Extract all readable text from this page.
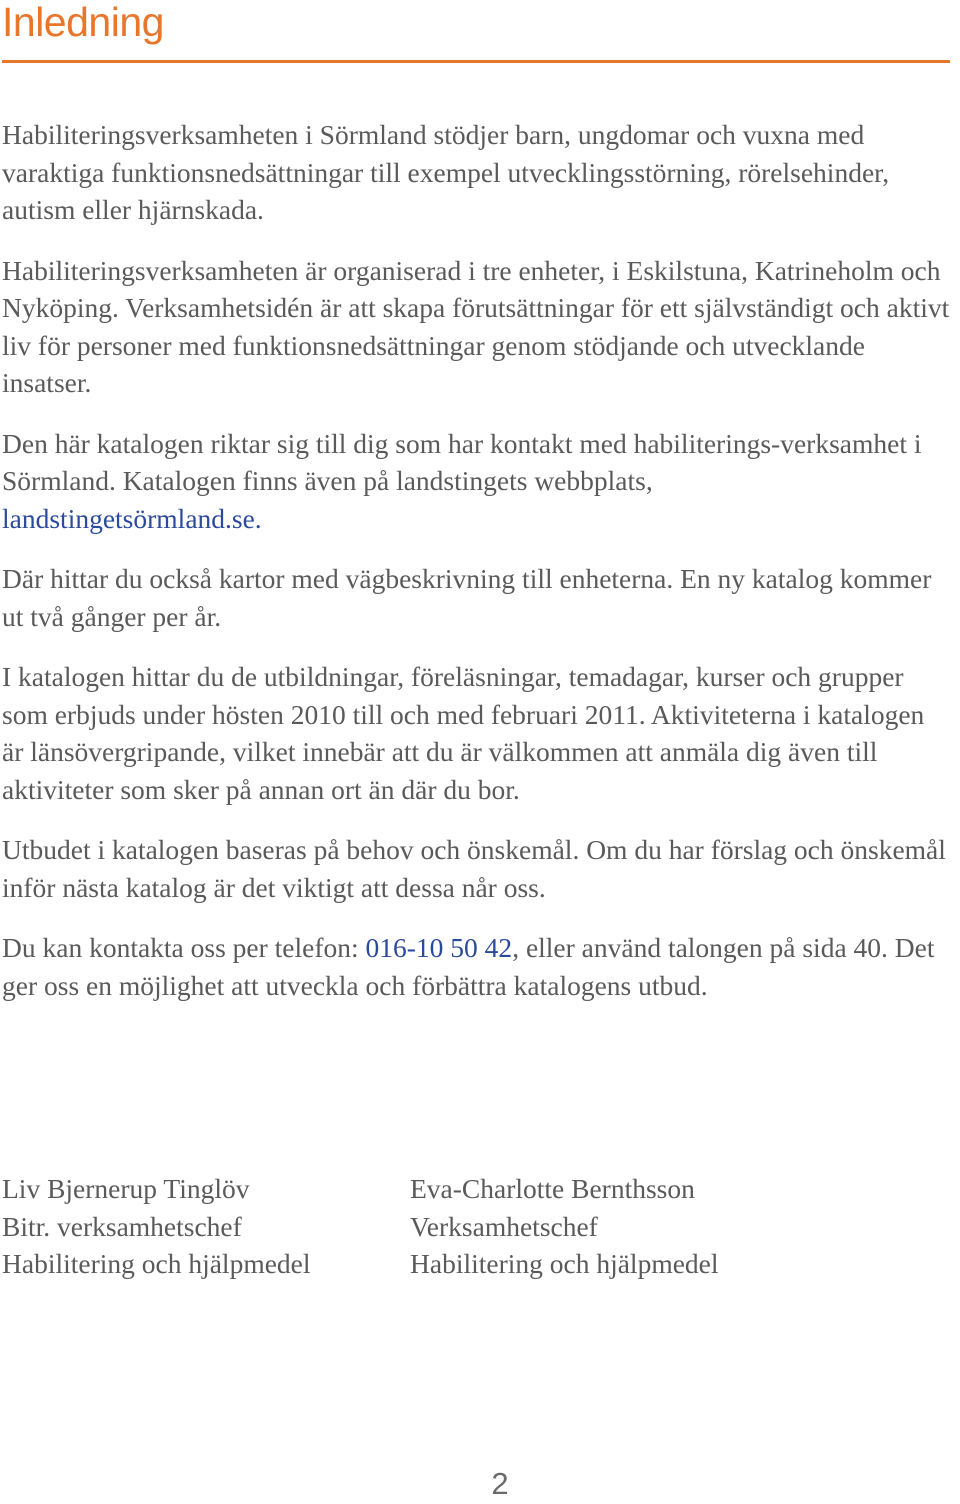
Inledning

Habiliteringsverksamheten i Sörmland stödjer barn, ungdomar och vuxna med varaktiga funktionsnedsättningar till exempel utvecklingsstörning, rörelsehinder, autism eller hjärnskada.

Habiliteringsverksamheten är organiserad i tre enheter, i Eskilstuna, Katrineholm och Nyköping. Verksamhetsidén är att skapa förutsättningar för ett självständigt och aktivt liv för personer med funktionsnedsättningar genom stödjande och utvecklande insatser.

Den här katalogen riktar sig till dig som har kontakt med habiliterings-verksamhet i Sörmland. Katalogen finns även på landstingets webbplats,
landstingetsörmland.se.

Där hittar du också kartor med vägbeskrivning till enheterna. En ny katalog kommer ut två gånger per år.

I katalogen hittar du de utbildningar, föreläsningar, temadagar, kurser och grupper som erbjuds under hösten 2010 till och med februari 2011. Aktiviteterna i katalogen är länsövergripande, vilket innebär att du är välkommen att anmäla dig även till aktiviteter som sker på annan ort än där du bor.

Utbudet i katalogen baseras på behov och önskemål. Om du har förslag och önskemål inför nästa katalog är det viktigt att dessa når oss.

Du kan kontakta oss per telefon: 016-10 50 42, eller använd talongen på sida 40. Det ger oss en möjlighet att utveckla och förbättra katalogens utbud.

Liv Bjernerup Tinglöv
Bitr. verksamhetschef
Habilitering och hjälpmedel
Eva-Charlotte Bernthsson
Verksamhetschef
Habilitering och hjälpmedel
2
